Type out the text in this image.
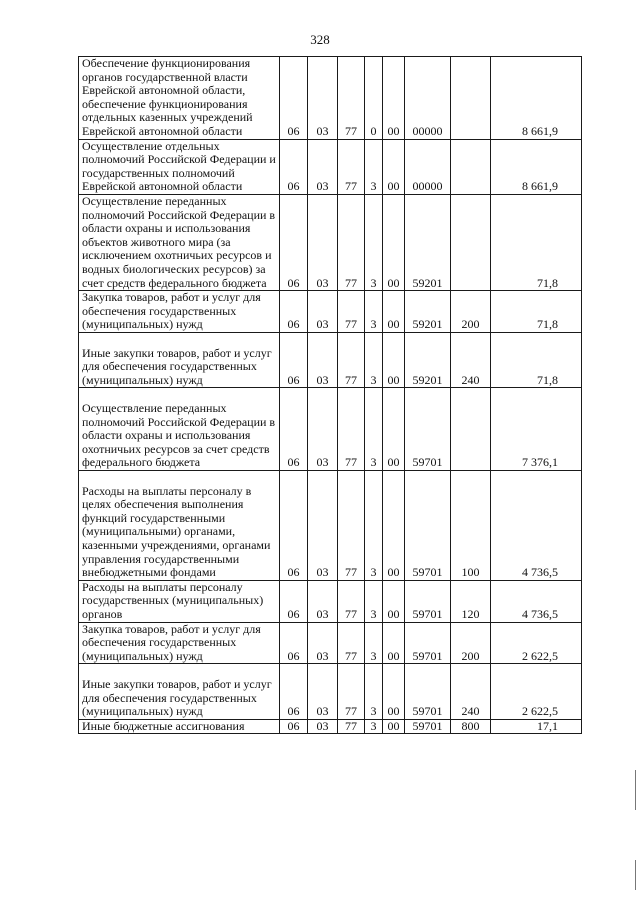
328
Обеспечение функционирования органов государственной власти Еврейской автономной области, обеспечение функционирования отдельных казенных учреждений Еврейской автономной области	06	03	77	0	00	00000		8 661,9
Осуществление отдельных полномочий Российской Федерации и государственных полномочий Еврейской автономной области	06	03	77	3	00	00000		8 661,9
Осуществление переданных полномочий Российской Федерации в области охраны и использования объектов животного мира (за исключением охотничьих ресурсов и водных биологических ресурсов) за счет средств федерального бюджета	06	03	77	3	00	59201		71,8
Закупка товаров, работ и услуг для обеспечения государственных (муниципальных) нужд	06	03	77	3	00	59201	200	71,8
Иные закупки товаров, работ и услуг для обеспечения государственных (муниципальных) нужд	06	03	77	3	00	59201	240	71,8
Осуществление переданных полномочий Российской Федерации в области охраны и использования охотничьих ресурсов за счет средств федерального бюджета	06	03	77	3	00	59701		7 376,1
Расходы на выплаты персоналу в целях обеспечения выполнения функций государственными (муниципальными) органами, казенными учреждениями, органами управления государственными внебюджетными фондами	06	03	77	3	00	59701	100	4 736,5
Расходы на выплаты персоналу государственных (муниципальных) органов	06	03	77	3	00	59701	120	4 736,5
Закупка товаров, работ и услуг для обеспечения государственных (муниципальных) нужд	06	03	77	3	00	59701	200	2 622,5
Иные закупки товаров, работ и услуг для обеспечения государственных (муниципальных) нужд	06	03	77	3	00	59701	240	2 622,5
Иные бюджетные ассигнования	06	03	77	3	00	59701	800	17,1
